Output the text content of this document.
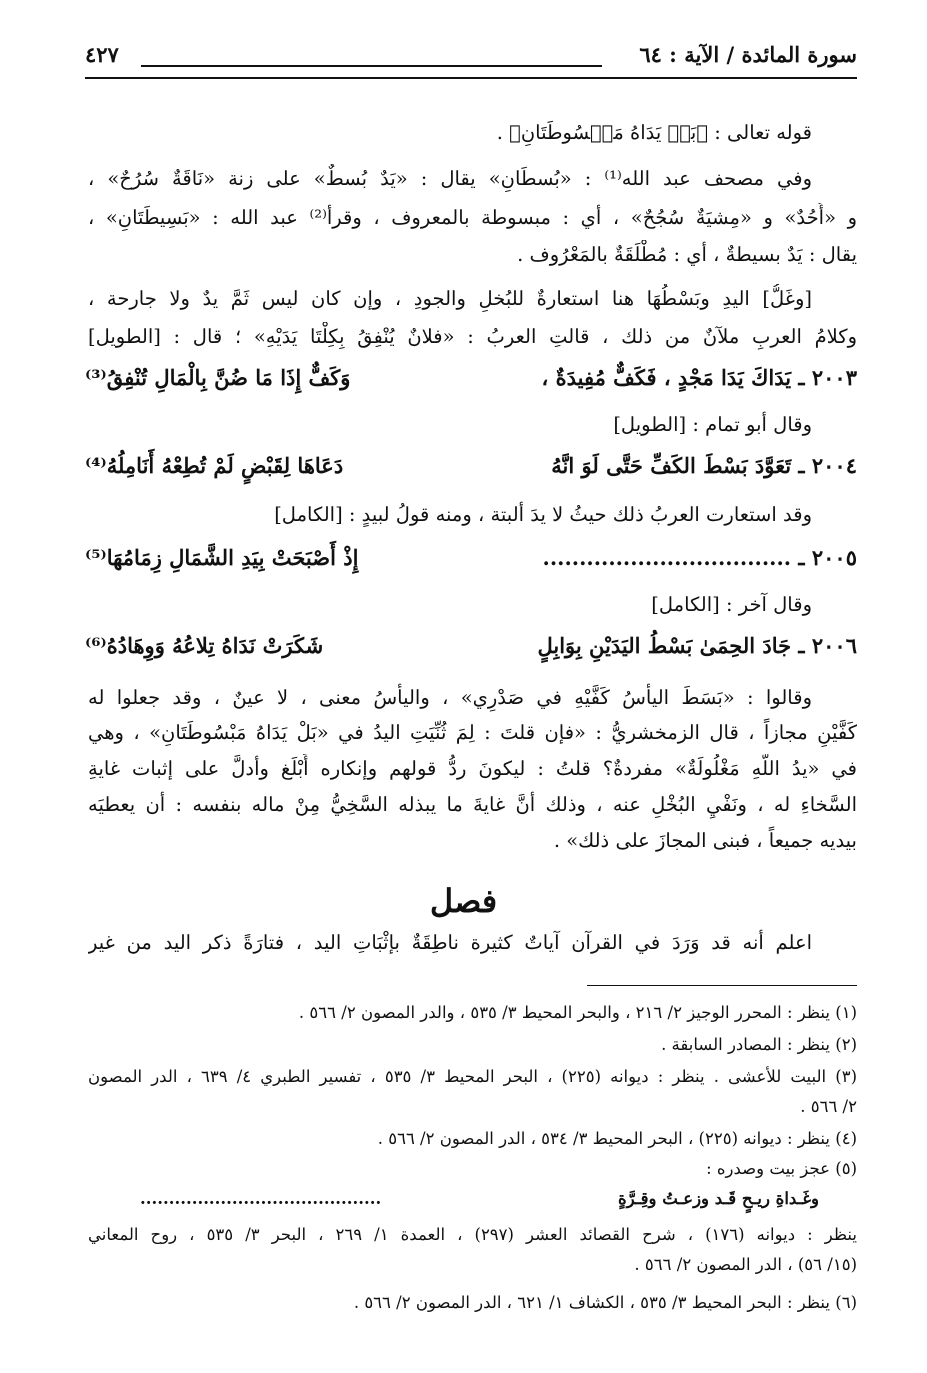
سورة المائدة / الآية : ٦٤
٤٢٧
قوله تعالى : ﴿بَلۡ يَدَاهُ مَبۡسُوطَتَانِ﴾ .
وفي مصحف عبد الله⁽¹⁾ : «بُسطَانِ» يقال : «يَدٌ بُسطٌ» على زنة «نَاقَةٌ سُرُحٌ» ،
و «أُحُدٌ» و «مِشيَةٌ سُجُحٌ» ، أي : مبسوطة بالمعروف ، وقرأ⁽²⁾ عبد الله : «بَسِيطَتَانِ» ،
يقال : يَدٌ بسيطةٌ ، أي : مُطْلَقَةٌ بالمَعْرُوف .
[وغَلُّ] اليدِ وبَسْطُهَا هنا استعارةٌ للبُخلِ والجودِ ، وإن كان ليس ثَمَّ يدٌ ولا جارحة ،
وكلامُ العربِ ملآنٌ من ذلك ، قالتِ العربُ : «فلانٌ يُنْفِقُ بِكِلْتَا يَدَيْهِ» ؛ قال : [الطويل]
٢٠٠٣ ـ يَدَاكَ يَدَا مَجْدٍ ، فَكَفٌّ مُفِيدَةٌ ،
وَكَفٌّ إِذَا مَا ضُنَّ بِالْمَالِ تُنْفِقُ⁽³⁾
وقال أبو تمام : [الطويل]
٢٠٠٤ ـ تَعَوَّدَ بَسْطَ الكَفِّ حَتَّى لَوَ انَّهُ
دَعَاهَا لِقَبْضٍ لَمْ تُطِعْهُ أَنَامِلُهُ⁽⁴⁾
وقد استعارت العربُ ذلك حيثُ لا يدَ ألبتة ، ومنه قولُ لبيدٍ : [الكامل]
٢٠٠٥ ـ ..................................
إِذْ أَصْبَحَتْ بِيَدِ الشَّمَالِ زِمَامُهَا⁽⁵⁾
وقال آخر : [الكامل]
٢٠٠٦ ـ جَادَ الحِمَىٰ بَسْطُ اليَدَيْنِ بِوَابِلٍ
شَكَرَتْ نَدَاهُ تِلاعُهُ وَوِهَادُهُ⁽⁶⁾
وقالوا : «بَسَطَ اليأسُ كَفَّيْهِ في صَدْرِي» ، واليأسُ معنى ، لا عينٌ ، وقد جعلوا له
كَفَّيْنِ مجازاً ، قال الزمخشريُّ : «فإن قلتَ : لِمَ ثُنِّيَتِ اليدُ في «بَلْ يَدَاهُ مَبْسُوطَتَانِ» ، وهي
في «يدُ اللَّهِ مَغْلُولَةٌ» مفردةٌ؟ قلتُ : ليكونَ ردُّ قولهم وإنكاره أَبْلَغ وأدلَّ على إثبات غايةِ
السَّخاءِ له ، ونَفْيِ البُخْلِ عنه ، وذلك أنَّ غايةَ ما يبذله السَّخِيُّ مِنْ ماله بنفسه : أن يعطيَه
بيديه جميعاً ، فبنى المجازَ على ذلك» .
فصل
اعلم أنه قد وَرَدَ في القرآن آياتٌ كثيرة ناطِقَةٌ بإثْبَاتِ اليد ، فتارَةً ذكر اليد من غير
(١) ينظر : المحرر الوجيز ٢/ ٢١٦ ، والبحر المحيط ٣/ ٥٣٥ ، والدر المصون ٢/ ٥٦٦ .
(٢) ينظر : المصادر السابقة .
(٣) البيت للأعشى . ينظر : ديوانه (٢٢٥) ، البحر المحيط ٣/ ٥٣٥ ، تفسير الطبري ٤/ ٦٣٩ ، الدر المصون
٢/ ٥٦٦ .
(٤) ينظر : ديوانه (٢٢٥) ، البحر المحيط ٣/ ٥٣٤ ، الدر المصون ٢/ ٥٦٦ .
(٥) عجز بيت وصدره :
وغَـداةِ ريـحٍ قَـد وزعـتُ وقِـرَّةٍ
..........................................
ينظر : ديوانه (١٧٦) ، شرح القصائد العشر (٢٩٧) ، العمدة ١/ ٢٦٩ ، البحر ٣/ ٥٣٥ ، روح المعاني
(١٥/ ٥٦) ، الدر المصون ٢/ ٥٦٦ .
(٦) ينظر : البحر المحيط ٣/ ٥٣٥ ، الكشاف ١/ ٦٢١ ، الدر المصون ٢/ ٥٦٦ .
